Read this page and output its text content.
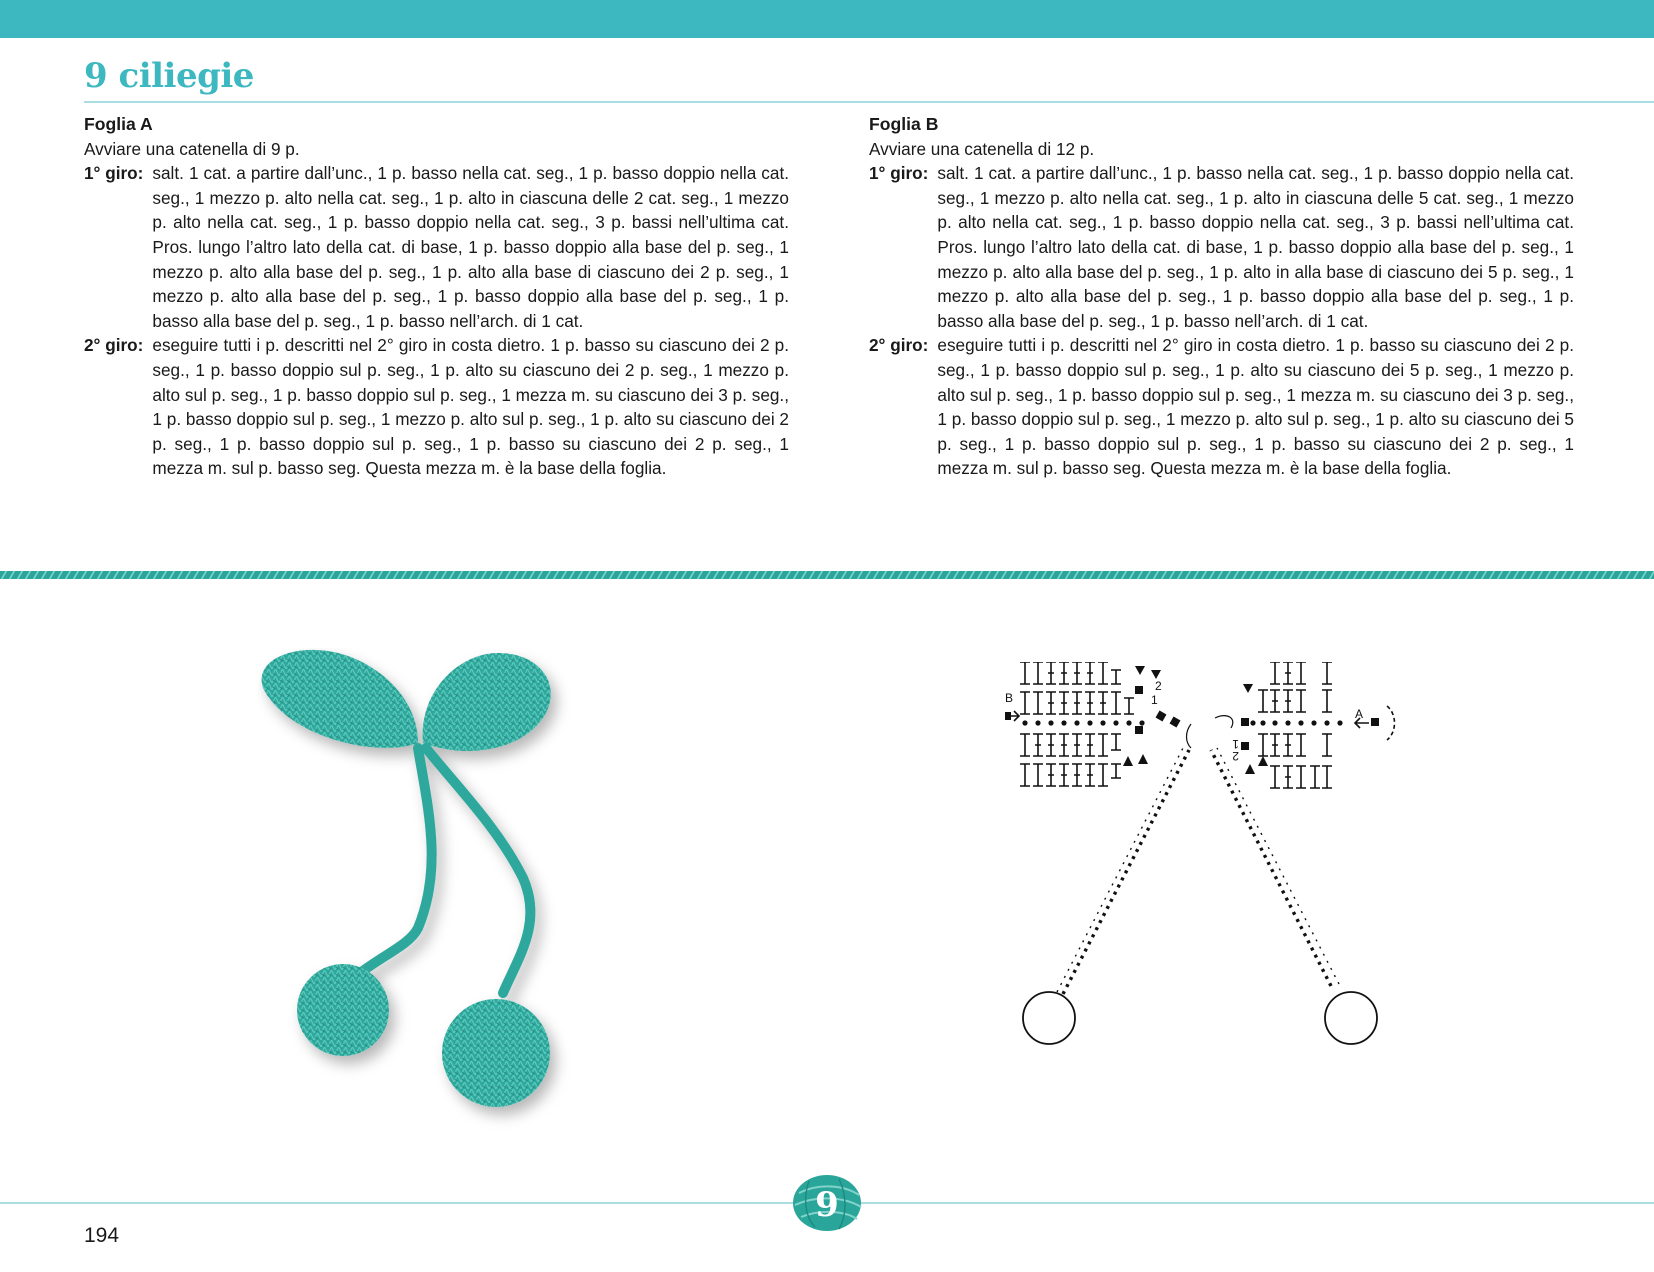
9 ciliegie
Foglia A

Avviare una catenella di 9 p.

1° giro: salt. 1 cat. a partire dall’unc., 1 p. basso nella cat. seg., 1 p. basso doppio nella cat. seg., 1 mezzo p. alto nella cat. seg., 1 p. alto in ciascuna delle 2 cat. seg., 1 mezzo p. alto nella cat. seg., 1 p. basso doppio nella cat. seg., 3 p. bassi nell’ultima cat. Pros. lungo l’altro lato della cat. di base, 1 p. basso doppio alla base del p. seg., 1 mezzo p. alto alla base del p. seg., 1 p. alto alla base di ciascuno dei 2 p. seg., 1 mezzo p. alto alla base del p. seg., 1 p. basso doppio alla base del p. seg., 1 p. basso alla base del p. seg., 1 p. basso nell’arch. di 1 cat.
2° giro: eseguire tutti i p. descritti nel 2° giro in costa dietro. 1 p. basso su ciascuno dei 2 p. seg., 1 p. basso doppio sul p. seg., 1 p. alto su ciascuno dei 2 p. seg., 1 mezzo p. alto sul p. seg., 1 p. basso doppio sul p. seg., 1 mezza m. su ciascuno dei 3 p. seg., 1 p. basso doppio sul p. seg., 1 mezzo p. alto sul p. seg., 1 p. alto su ciascuno dei 2 p. seg., 1 p. basso doppio sul p. seg., 1 p. basso su ciascuno dei 2 p. seg., 1 mezza m. sul p. basso seg. Questa mezza m. è la base della foglia.
Foglia B

Avviare una catenella di 12 p.

1° giro: salt. 1 cat. a partire dall’unc., 1 p. basso nella cat. seg., 1 p. basso doppio nella cat. seg., 1 mezzo p. alto nella cat. seg., 1 p. alto in ciascuna delle 5 cat. seg., 1 mezzo p. alto nella cat. seg., 1 p. basso doppio nella cat. seg., 3 p. bassi nell’ultima cat. Pros. lungo l’altro lato della cat. di base, 1 p. basso doppio alla base del p. seg., 1 mezzo p. alto alla base del p. seg., 1 p. alto in alla base di ciascuno dei 5 p. seg., 1 mezzo p. alto alla base del p. seg., 1 p. basso doppio alla base del p. seg., 1 p. basso alla base del p. seg., 1 p. basso nell’arch. di 1 cat.
2° giro: eseguire tutti i p. descritti nel 2° giro in costa dietro. 1 p. basso su ciascuno dei 2 p. seg., 1 p. basso doppio sul p. seg., 1 p. alto su ciascuno dei 5 p. seg., 1 mezzo p. alto sul p. seg., 1 p. basso doppio sul p. seg., 1 mezza m. su ciascuno dei 3 p. seg., 1 p. basso doppio sul p. seg., 1 mezzo p. alto sul p. seg., 1 p. alto su ciascuno dei 5 p. seg., 1 p. basso doppio sul p. seg., 1 p. basso su ciascuno dei 2 p. seg., 1 mezza m. sul p. basso seg. Questa mezza m. è la base della foglia.
B
A
2
1
1
2
9
194
